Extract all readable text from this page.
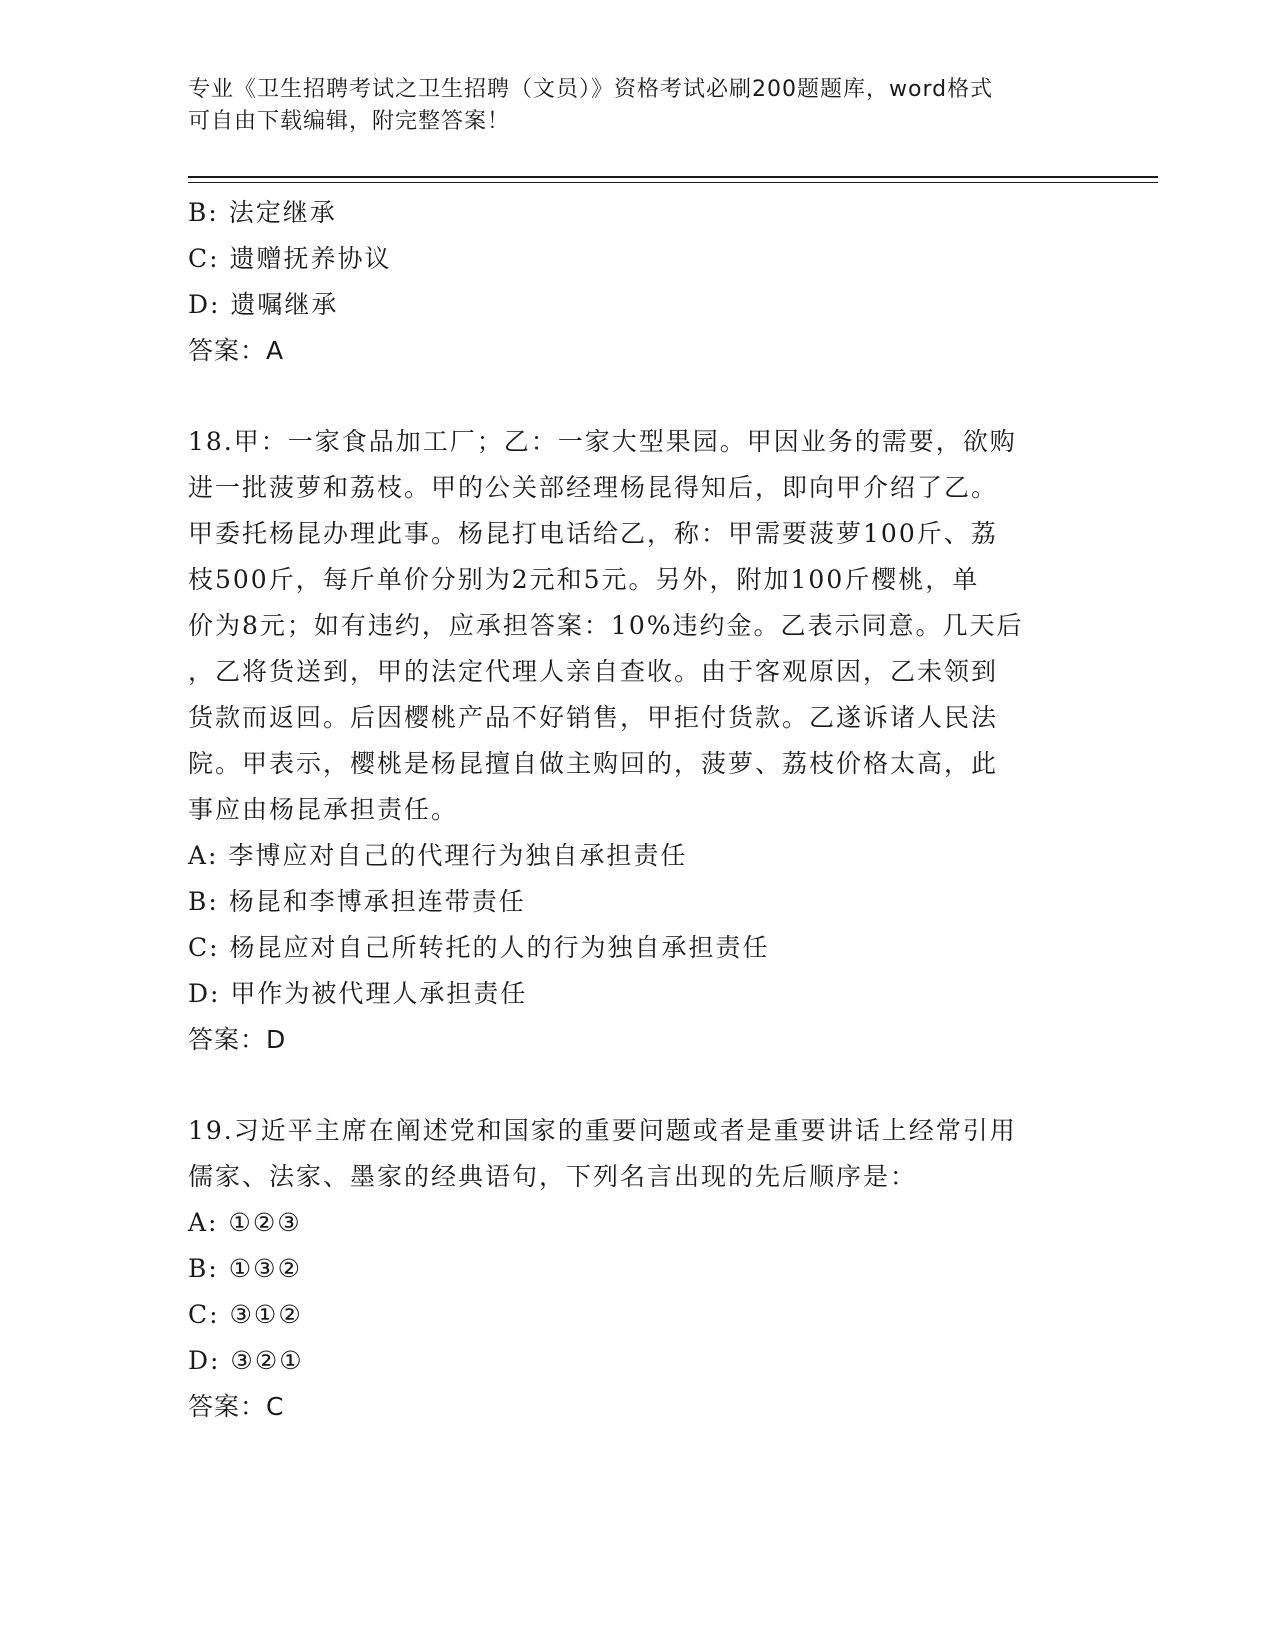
专业《卫生招聘考试之卫生招聘（文员）》资格考试必刷200题题库，word格式
可自由下载编辑，附完整答案！
B: 法定继承
C: 遗赠抚养协议
D: 遗嘱继承
答案：A
18.甲：一家食品加工厂；乙：一家大型果园。甲因业务的需要，欲购
进一批菠萝和荔枝。甲的公关部经理杨昆得知后，即向甲介绍了乙。
甲委托杨昆办理此事。杨昆打电话给乙，称：甲需要菠萝100斤、荔
枝500斤，每斤单价分别为2元和5元。另外，附加100斤樱桃，单
价为8元；如有违约，应承担答案：10%违约金。乙表示同意。几天后
，乙将货送到，甲的法定代理人亲自查收。由于客观原因，乙未领到
货款而返回。后因樱桃产品不好销售，甲拒付货款。乙遂诉诸人民法
院。甲表示，樱桃是杨昆擅自做主购回的，菠萝、荔枝价格太高，此
事应由杨昆承担责任。
A: 李博应对自己的代理行为独自承担责任
B: 杨昆和李博承担连带责任
C: 杨昆应对自己所转托的人的行为独自承担责任
D: 甲作为被代理人承担责任
答案：D
19.习近平主席在阐述党和国家的重要问题或者是重要讲话上经常引用
儒家、法家、墨家的经典语句，下列名言出现的先后顺序是：
A: ①②③
B: ①③②
C: ③①②
D: ③②①
答案：C
